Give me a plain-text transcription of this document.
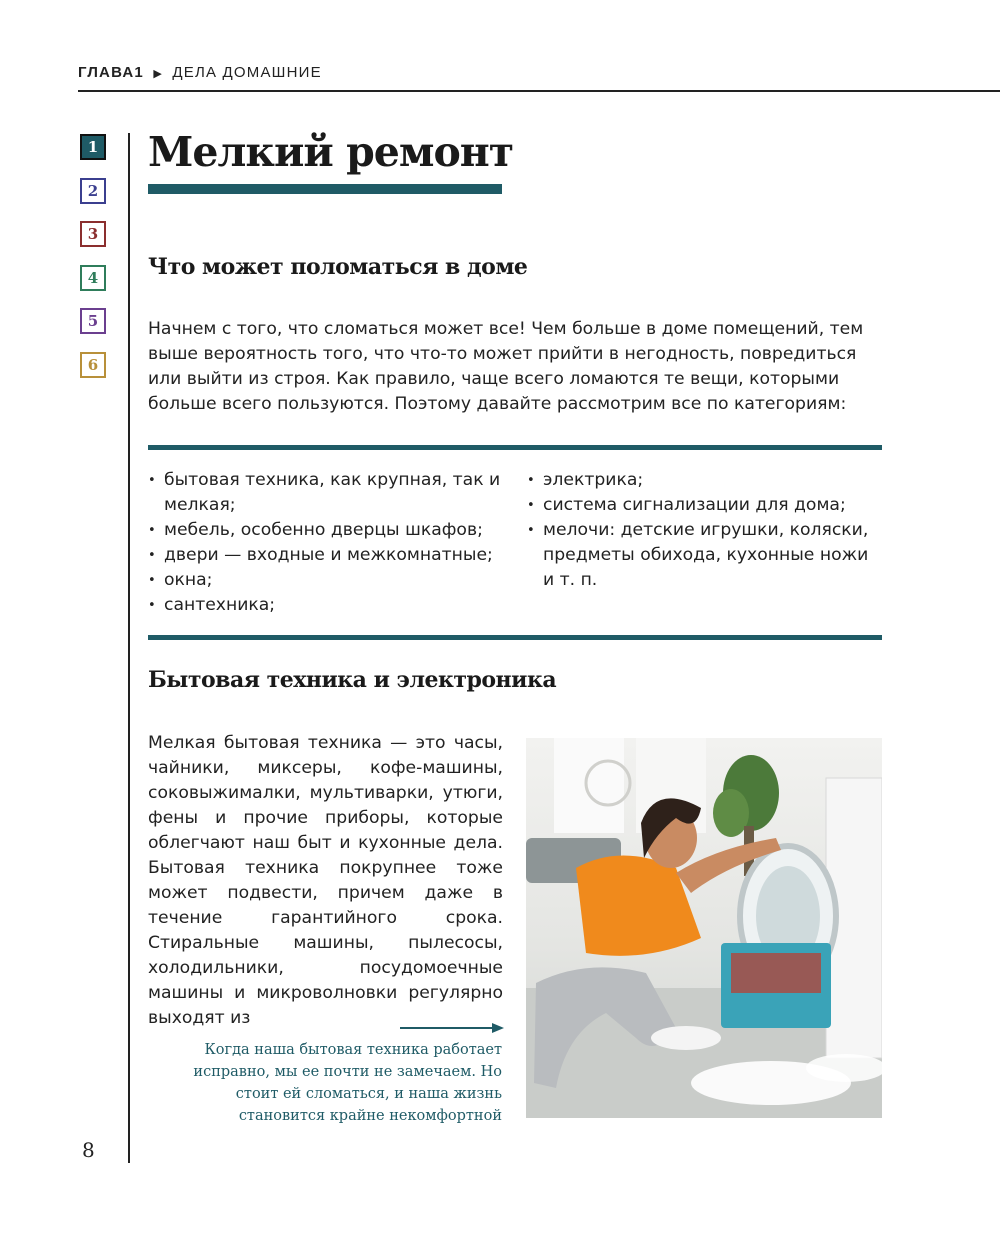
ГЛАВА1 ▶ ДЕЛА ДОМАШНИЕ
1
2
3
4
5
6
Мелкий ремонт
Что может поломаться в доме

Начнем с того, что сломаться может все! Чем больше в доме помещений, тем выше вероятность того, что что-то может прийти в негодность, повредиться или выйти из строя. Как правило, чаще всего ломаются те вещи, которыми больше всего пользуются. Поэтому давайте рассмотрим все по категориям:

• бытовая техника, как крупная, так и мелкая;
• мебель, особенно дверцы шкафов;
• двери — входные и межкомнатные;
• окна;
• сантехника;
• электрика;
• система сигнализации для дома;
• мелочи: детские игрушки, коляски, предметы обихода, кухонные ножи и т. п.
Бытовая техника и электроника

Мелкая бытовая техника — это часы, чайники, миксеры, кофе-машины, соковыжималки, мультиварки, утюги, фены и прочие приборы, которые облегчают наш быт и кухонные дела. Бытовая техника покрупнее тоже может подвести, причем даже в течение гарантийного срока. Стиральные машины, пылесосы, холодильники, посудомоечные машины и микроволновки регулярно выходят из

Когда наша бытовая техника работает исправно, мы ее почти не замечаем. Но стоит ей сломаться, и наша жизнь становится крайне некомфортной

8
